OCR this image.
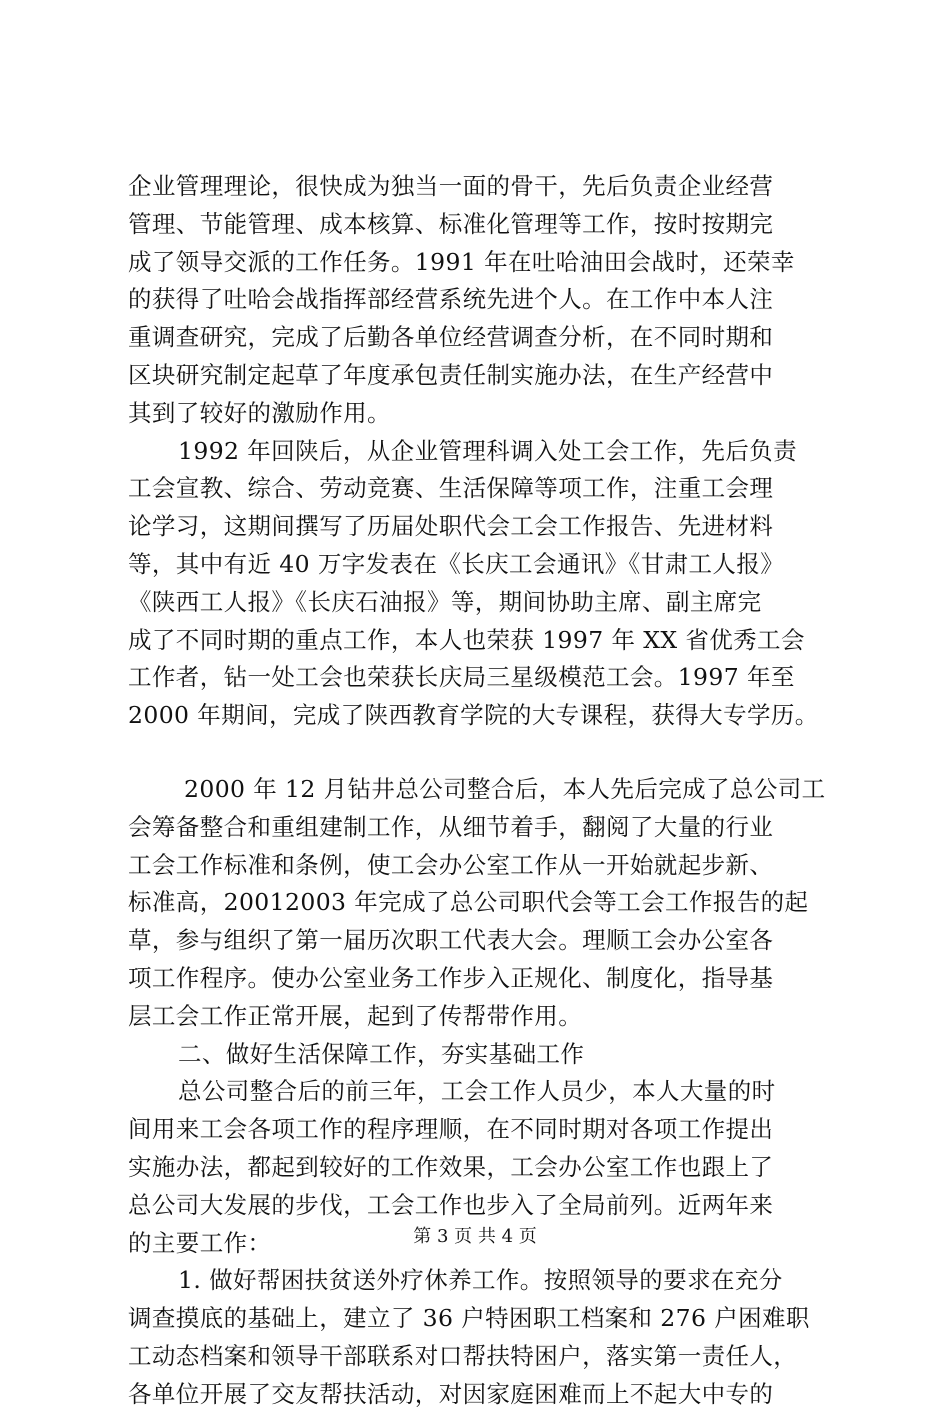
企业管理理论，很快成为独当一面的骨干，先后负责企业经营
管理、节能管理、成本核算、标准化管理等工作，按时按期完
成了领导交派的工作任务。1991 年在吐哈油田会战时，还荣幸
的获得了吐哈会战指挥部经营系统先进个人。在工作中本人注
重调查研究，完成了后勤各单位经营调查分析，在不同时期和
区块研究制定起草了年度承包责任制实施办法，在生产经营中
其到了较好的激励作用。
1992 年回陕后，从企业管理科调入处工会工作，先后负责
工会宣教、综合、劳动竞赛、生活保障等项工作，注重工会理
论学习，这期间撰写了历届处职代会工会工作报告、先进材料
等，其中有近 40 万字发表在《长庆工会通讯》《甘肃工人报》
《陕西工人报》《长庆石油报》等，期间协助主席、副主席完
成了不同时期的重点工作，本人也荣获 1997 年 XX 省优秀工会
工作者，钻一处工会也荣获长庆局三星级模范工会。1997 年至
2000 年期间，完成了陕西教育学院的大专课程，获得大专学历。
2000 年 12 月钻井总公司整合后，本人先后完成了总公司工
会筹备整合和重组建制工作，从细节着手，翻阅了大量的行业
工会工作标准和条例，使工会办公室工作从一开始就起步新、
标准高，20012003 年完成了总公司职代会等工会工作报告的起
草，参与组织了第一届历次职工代表大会。理顺工会办公室各
项工作程序。使办公室业务工作步入正规化、制度化，指导基
层工会工作正常开展，起到了传帮带作用。
二、做好生活保障工作，夯实基础工作
总公司整合后的前三年，工会工作人员少，本人大量的时
间用来工会各项工作的程序理顺，在不同时期对各项工作提出
实施办法，都起到较好的工作效果，工会办公室工作也跟上了
总公司大发展的步伐，工会工作也步入了全局前列。近两年来
的主要工作：
1. 做好帮困扶贫送外疗休养工作。按照领导的要求在充分
调查摸底的基础上，建立了 36 户特困职工档案和 276 户困难职
工动态档案和领导干部联系对口帮扶特困户，落实第一责任人，
各单位开展了交友帮扶活动，对因家庭困难而上不起大中专的
第 3 页 共 4 页
